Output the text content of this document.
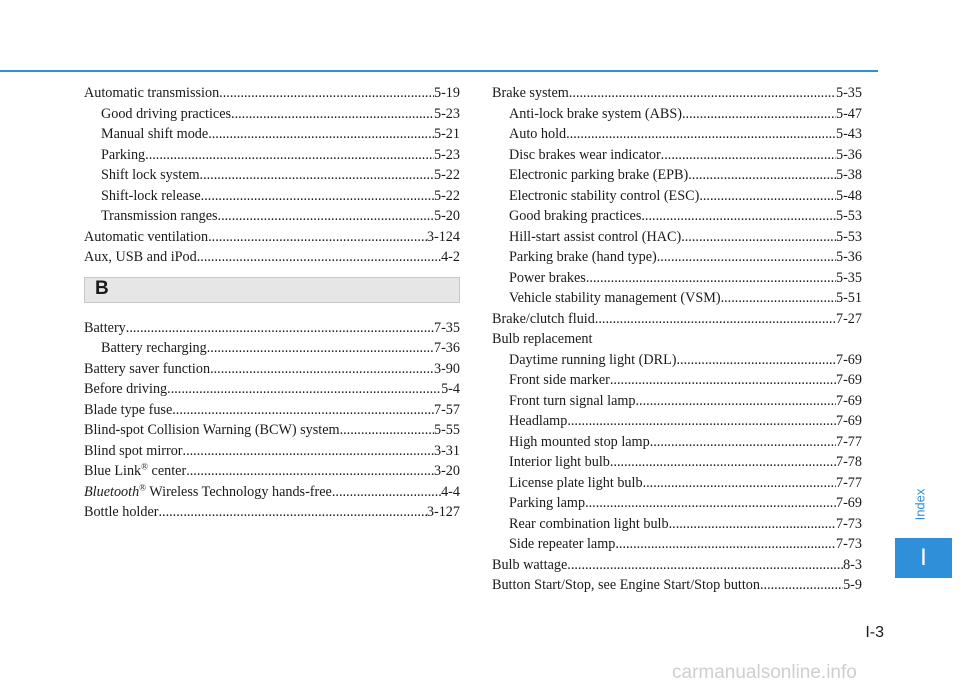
Automatic transmission .....	5-19
Good driving practices .....	5-23
Manual shift mode .....	5-21
Parking .....	5-23
Shift lock system .....	5-22
Shift-lock release .....	5-22
Transmission ranges .....	5-20
Automatic ventilation .....	3-124
Aux, USB and iPod .....	4-2
B
Battery .....	7-35
Battery recharging .....	7-36
Battery saver function .....	3-90
Before driving .....	5-4
Blade type fuse .....	7-57
Blind-spot Collision Warning (BCW) system .....	5-55
Blind spot mirror .....	3-31
Blue Link® center .....	3-20
Bluetooth® Wireless Technology hands-free .....	4-4
Bottle holder .....	3-127
Brake system .....	5-35
Anti-lock brake system (ABS) .....	5-47
Auto hold .....	5-43
Disc brakes wear indicator .....	5-36
Electronic parking brake (EPB) .....	5-38
Electronic stability control (ESC) .....	5-48
Good braking practices .....	5-53
Hill-start assist control (HAC) .....	5-53
Parking brake (hand type) .....	5-36
Power brakes .....	5-35
Vehicle stability management (VSM) .....	5-51
Brake/clutch fluid .....	7-27
Bulb replacement
Daytime running light (DRL) .....	7-69
Front side marker .....	7-69
Front turn signal lamp .....	7-69
Headlamp .....	7-69
High mounted stop lamp .....	7-77
Interior light bulb .....	7-78
License plate light bulb .....	7-77
Parking lamp .....	7-69
Rear combination light bulb .....	7-73
Side repeater lamp .....	7-73
Bulb wattage .....	8-3
Button Start/Stop, see Engine Start/Stop button .....	5-9
Index
I
I-3
carmanualsonline.info
